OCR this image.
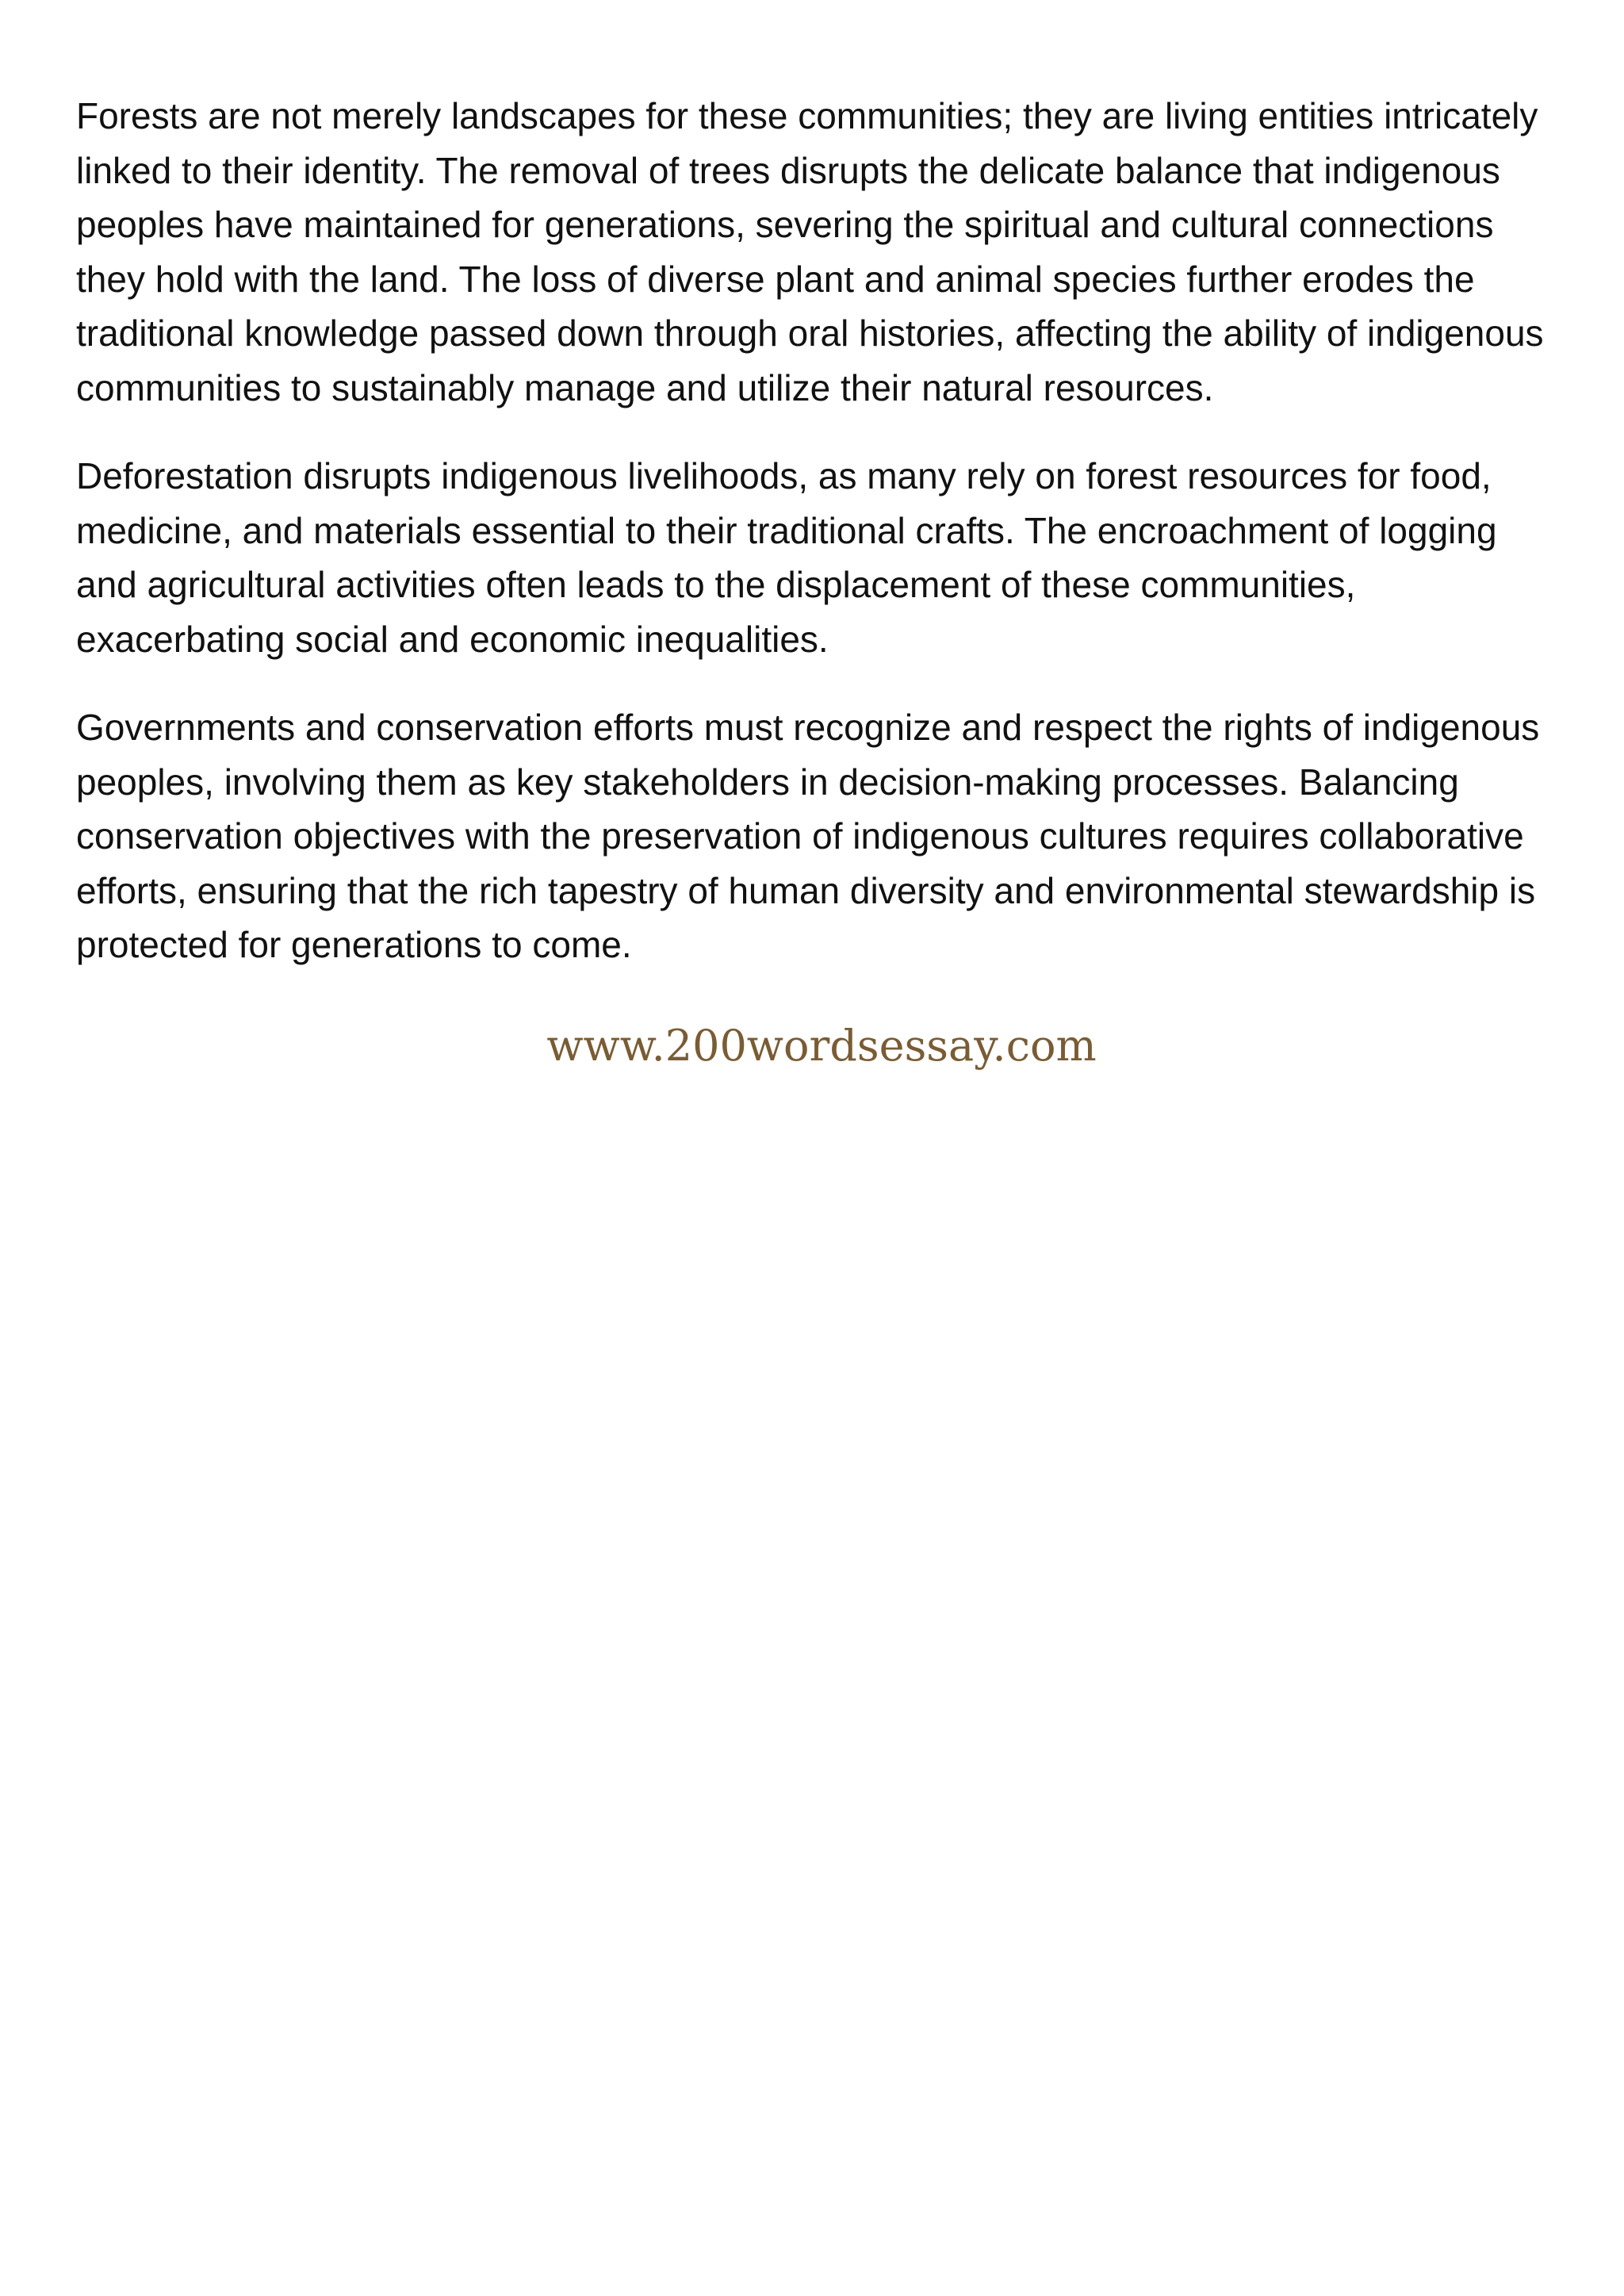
Forests are not merely landscapes for these communities; they are living entities intricately linked to their identity. The removal of trees disrupts the delicate balance that indigenous peoples have maintained for generations, severing the spiritual and cultural connections they hold with the land. The loss of diverse plant and animal species further erodes the traditional knowledge passed down through oral histories, affecting the ability of indigenous communities to sustainably manage and utilize their natural resources.

Deforestation disrupts indigenous livelihoods, as many rely on forest resources for food, medicine, and materials essential to their traditional crafts. The encroachment of logging and agricultural activities often leads to the displacement of these communities, exacerbating social and economic inequalities.

Governments and conservation efforts must recognize and respect the rights of indigenous peoples, involving them as key stakeholders in decision-making processes. Balancing conservation objectives with the preservation of indigenous cultures requires collaborative efforts, ensuring that the rich tapestry of human diversity and environmental stewardship is protected for generations to come.

www.200wordsessay.com
